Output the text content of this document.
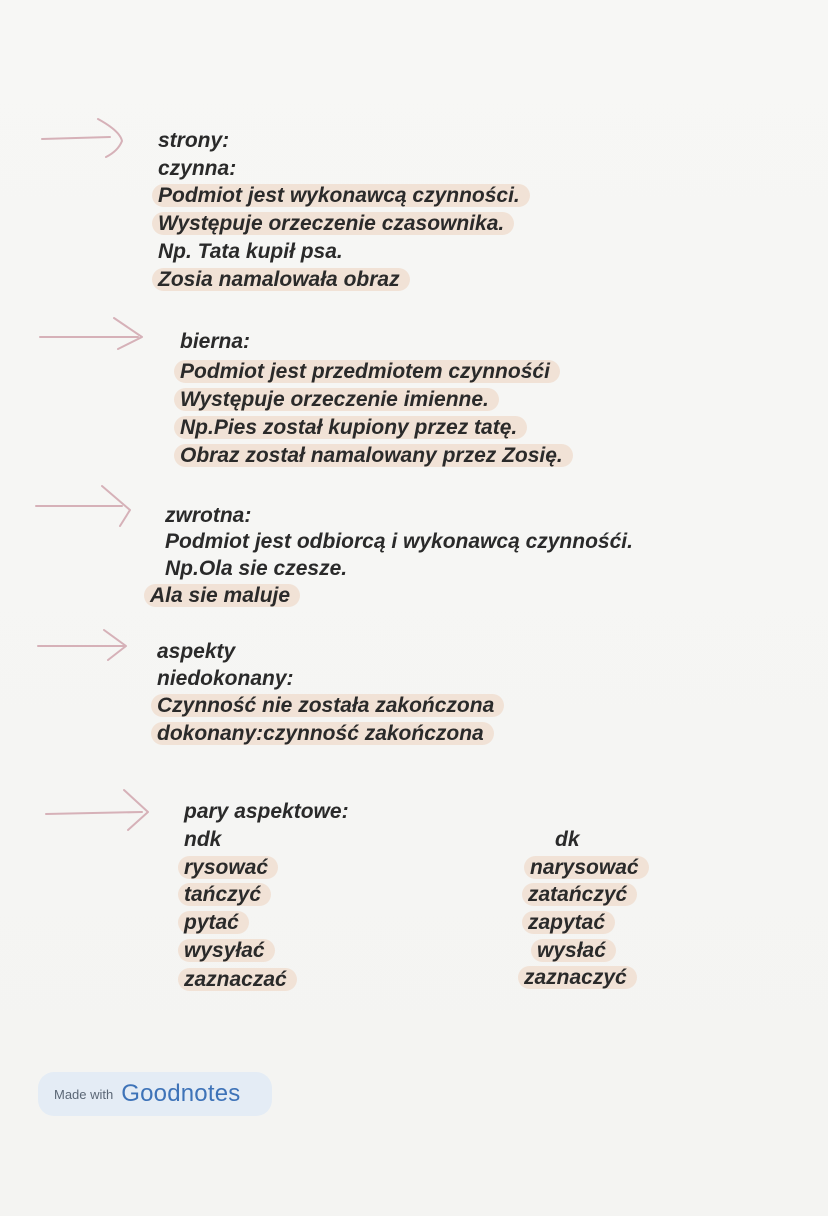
strony:
czynna:
Podmiot jest wykonawcą czynności.
Występuje orzeczenie czasownika.
Np. Tata kupił psa.
Zosia namalowała obraz
bierna:
Podmiot jest przedmiotem czynnośći
Występuje orzeczenie imienne.
Np.Pies został kupiony przez tatę.
Obraz został namalowany przez Zosię.
zwrotna:
Podmiot jest odbiorcą i wykonawcą czynnośći.
Np.Ola sie czesze.
Ala sie maluje
aspekty
niedokonany:
Czynność nie została zakończona
dokonany:czynność zakończona
pary aspektowe:
ndk	dk
rysować
tańczyć
pytać
wysyłać
zaznaczać
narysować
zatańczyć
zapytać
wysłać
zaznaczyć
Made with Goodnotes
